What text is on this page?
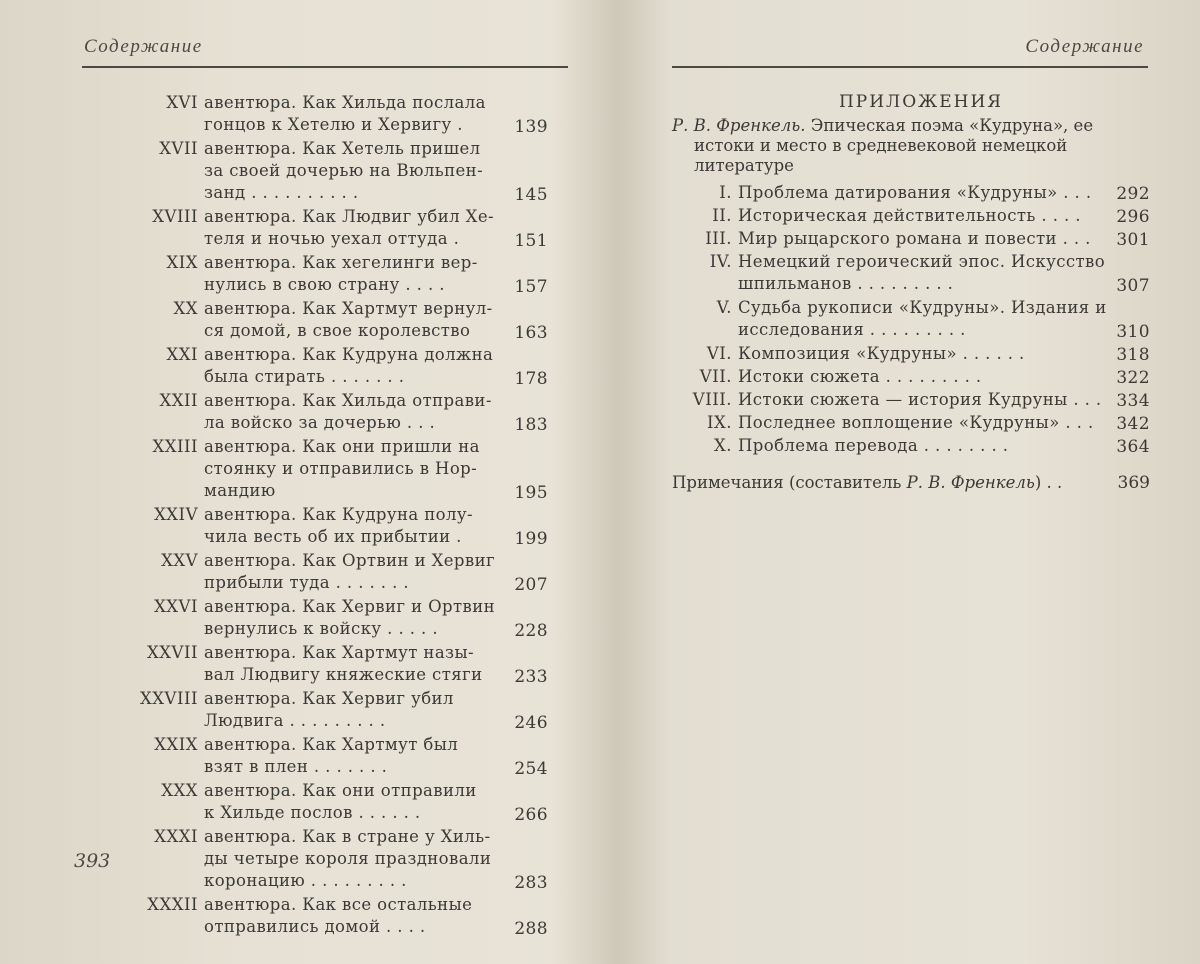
Содержание
XVI авентюра. Как Хильда послала
гонцов к Хетелю и Хервигу .	139
XVII авентюра. Как Хетель пришел
за своей дочерью на Вюльпен-
занд . . . . . . . . . .	145
XVIII авентюра. Как Людвиг убил Хе-
теля и ночью уехал оттуда .	151
XIX авентюра. Как хегелинги вер-
нулись в свою страну . . . .	157
XX авентюра. Как Хартмут вернул-
ся домой, в свое королевство	163
XXI авентюра. Как Кудруна должна
была стирать . . . . . . .	178
XXII авентюра. Как Хильда отправи-
ла войско за дочерью . . .	183
XXIII авентюра. Как они пришли на
стоянку и отправились в Нор-
мандию	195
XXIV авентюра. Как Кудруна полу-
чила весть об их прибытии .	199
XXV авентюра. Как Ортвин и Хервиг
прибыли туда . . . . . . .	207
XXVI авентюра. Как Хервиг и Ортвин
вернулись к войску . . . . .	228
XXVII авентюра. Как Хартмут назы-
вал Людвигу княжеские стяги	233
XXVIII авентюра. Как Хервиг убил
Людвига . . . . . . . . .	246
XXIX авентюра. Как Хартмут был
взят в плен . . . . . . .	254
XXX авентюра. Как они отправили
к Хильде послов . . . . . .	266
XXXI авентюра. Как в стране у Хиль-
ды четыре короля праздновали
коронацию . . . . . . . . .	283
XXXII авентюра. Как все остальные
отправились домой . . . .	288
393
Содержание
ПРИЛОЖЕНИЯ
Р. В. Френкель. Эпическая поэма «Кудруна», ее
истоки и место в средневековой немецкой
литературе
I. Проблема датирования «Кудруны» . . .	292
II. Историческая действительность . . . .	296
III. Мир рыцарского романа и повести . . .	301
IV. Немецкий героический эпос. Искусство
шпильманов . . . . . . . . .	307
V. Судьба рукописи «Кудруны». Издания и
исследования . . . . . . . . .	310
VI. Композиция «Кудруны» . . . . . .	318
VII. Истоки сюжета . . . . . . . . .	322
VIII. Истоки сюжета — история Кудруны . . . 334
IX. Последнее воплощение «Кудруны» . . .	342
X. Проблема перевода . . . . . . . .	364
Примечания (составитель Р. В. Френкель) . .	369
